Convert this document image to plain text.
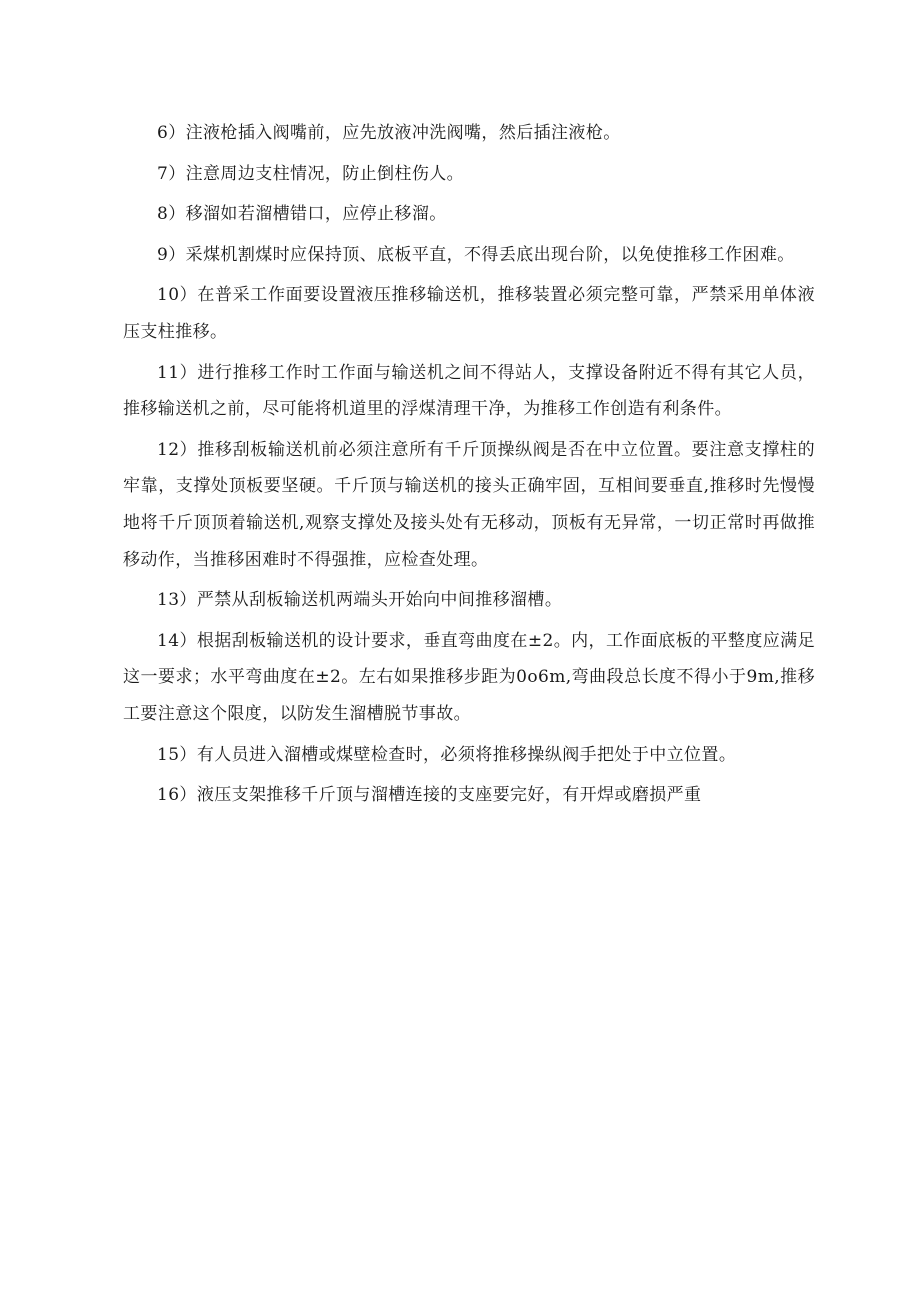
6）注液枪插入阀嘴前，应先放液冲洗阀嘴，然后插注液枪。

7）注意周边支柱情况，防止倒柱伤人。

8）移溜如若溜槽错口，应停止移溜。

9）采煤机割煤时应保持顶、底板平直，不得丢底出现台阶，以免使推移工作困难。

10）在普采工作面要设置液压推移输送机，推移装置必须完整可靠，严禁采用单体液压支柱推移。

11）进行推移工作时工作面与输送机之间不得站人，支撑设备附近不得有其它人员，推移输送机之前，尽可能将机道里的浮煤清理干净，为推移工作创造有利条件。

12）推移刮板输送机前必须注意所有千斤顶操纵阀是否在中立位置。要注意支撑柱的牢靠，支撑处顶板要坚硬。千斤顶与输送机的接头正确牢固，互相间要垂直,推移时先慢慢地将千斤顶顶着输送机,观察支撑处及接头处有无移动，顶板有无异常，一切正常时再做推移动作，当推移困难时不得强推，应检查处理。

13）严禁从刮板输送机两端头开始向中间推移溜槽。

14）根据刮板输送机的设计要求，垂直弯曲度在±2。内，工作面底板的平整度应满足这一要求；水平弯曲度在±2。左右如果推移步距为0o6m,弯曲段总长度不得小于9m,推移工要注意这个限度，以防发生溜槽脱节事故。

15）有人员进入溜槽或煤壁检查时，必须将推移操纵阀手把处于中立位置。

16）液压支架推移千斤顶与溜槽连接的支座要完好，有开焊或磨损严重
